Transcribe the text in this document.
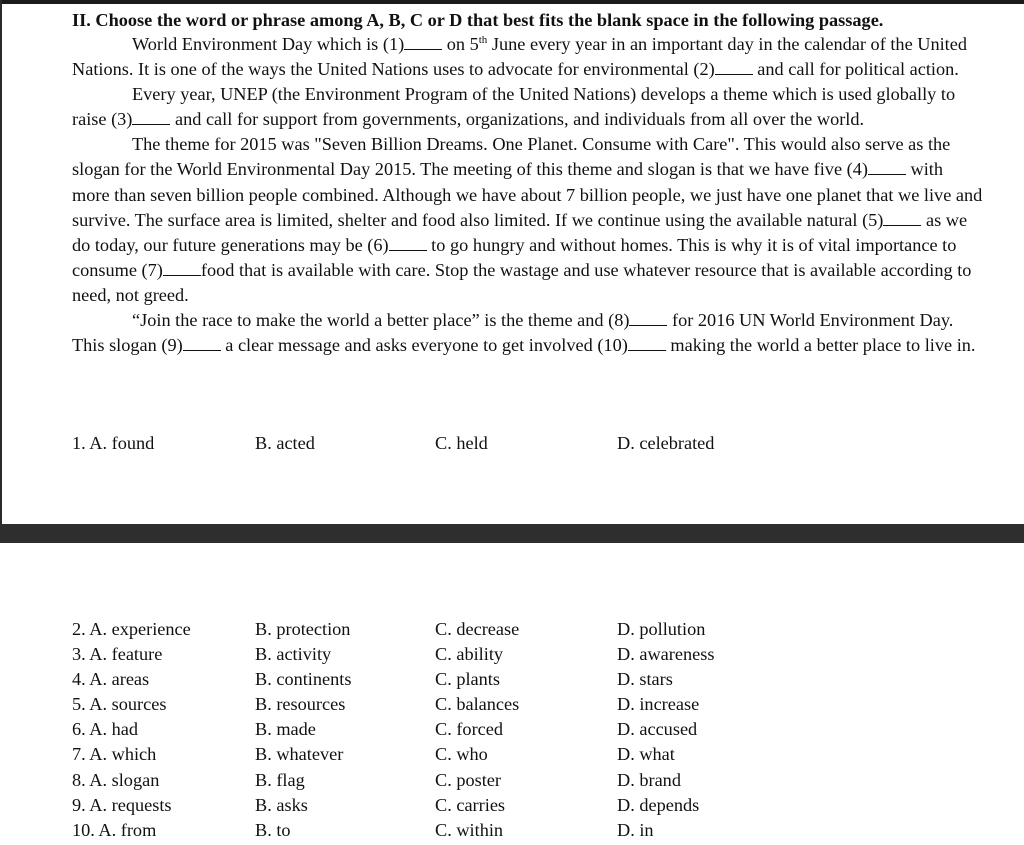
II. Choose the word or phrase among A, B, C or D that best fits the blank space in the following passage.

World Environment Day which is (1) on 5th June every year in an important day in the calendar of the United Nations. It is one of the ways the United Nations uses to advocate for environmental (2) and call for political action.

Every year, UNEP (the Environment Program of the United Nations) develops a theme which is used globally to raise (3) and call for support from governments, organizations, and individuals from all over the world.

The theme for 2015 was "Seven Billion Dreams. One Planet. Consume with Care". This would also serve as the slogan for the World Environmental Day 2015. The meeting of this theme and slogan is that we have five (4) with more than seven billion people combined. Although we have about 7 billion people, we just have one planet that we live and survive. The surface area is limited, shelter and food also limited. If we continue using the available natural (5) as we do today, our future generations may be (6) to go hungry and without homes. This is why it is of vital importance to consume (7) food that is available with care. Stop the wastage and use whatever resource that is available according to need, not greed.

“Join the race to make the world a better place” is the theme and (8) for 2016 UN World Environment Day. This slogan (9) a clear message and asks everyone to get involved (10) making the world a better place to live in.

1. A. found	B. acted	C. held	D. celebrated
2. A. experience	B. protection	C. decrease	D. pollution
3. A. feature	B. activity	C. ability	D. awareness
4. A. areas	B. continents	C. plants	D. stars
5. A. sources	B. resources	C. balances	D. increase
6. A. had	B. made	C. forced	D. accused
7. A. which	B. whatever	C. who	D. what
8. A. slogan	B. flag	C. poster	D. brand
9. A. requests	B. asks	C. carries	D. depends
10. A. from	B. to	C. within	D. in
